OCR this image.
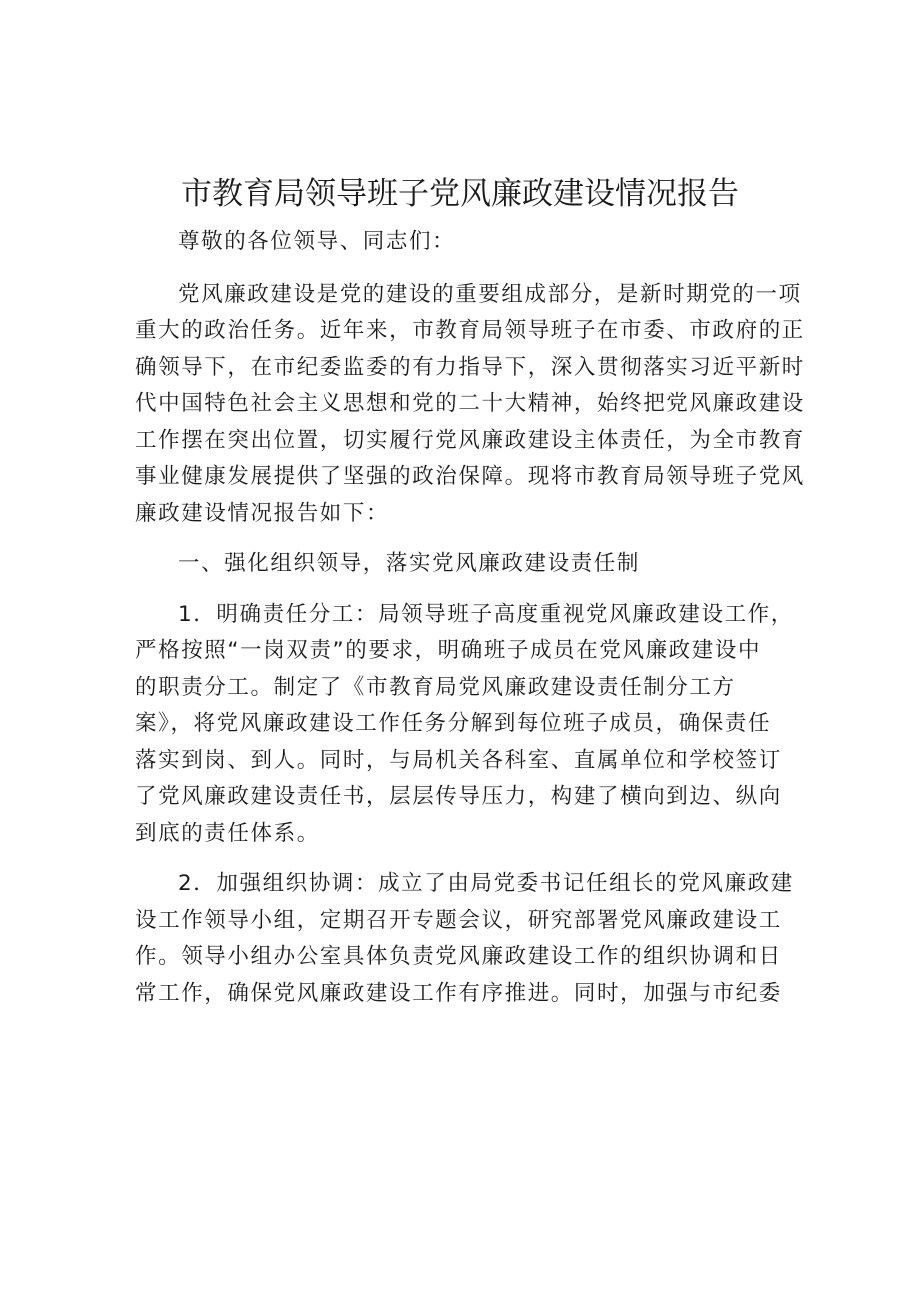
市教育局领导班子党风廉政建设情况报告

尊敬的各位领导、同志们：

党风廉政建设是党的建设的重要组成部分，是新时期党的一项
重大的政治任务。近年来，市教育局领导班子在市委、市政府的正
确领导下，在市纪委监委的有力指导下，深入贯彻落实习近平新时
代中国特色社会主义思想和党的二十大精神，始终把党风廉政建设
工作摆在突出位置，切实履行党风廉政建设主体责任，为全市教育
事业健康发展提供了坚强的政治保障。现将市教育局领导班子党风
廉政建设情况报告如下：

一、强化组织领导，落实党风廉政建设责任制

1．明确责任分工：局领导班子高度重视党风廉政建设工作，
严格按照“一岗双责”的要求，明确班子成员在党风廉政建设中
的职责分工。制定了《市教育局党风廉政建设责任制分工方
案》，将党风廉政建设工作任务分解到每位班子成员，确保责任
落实到岗、到人。同时，与局机关各科室、直属单位和学校签订
了党风廉政建设责任书，层层传导压力，构建了横向到边、纵向
到底的责任体系。

2．加强组织协调：成立了由局党委书记任组长的党风廉政建
设工作领导小组，定期召开专题会议，研究部署党风廉政建设工
作。领导小组办公室具体负责党风廉政建设工作的组织协调和日
常工作，确保党风廉政建设工作有序推进。同时，加强与市纪委
